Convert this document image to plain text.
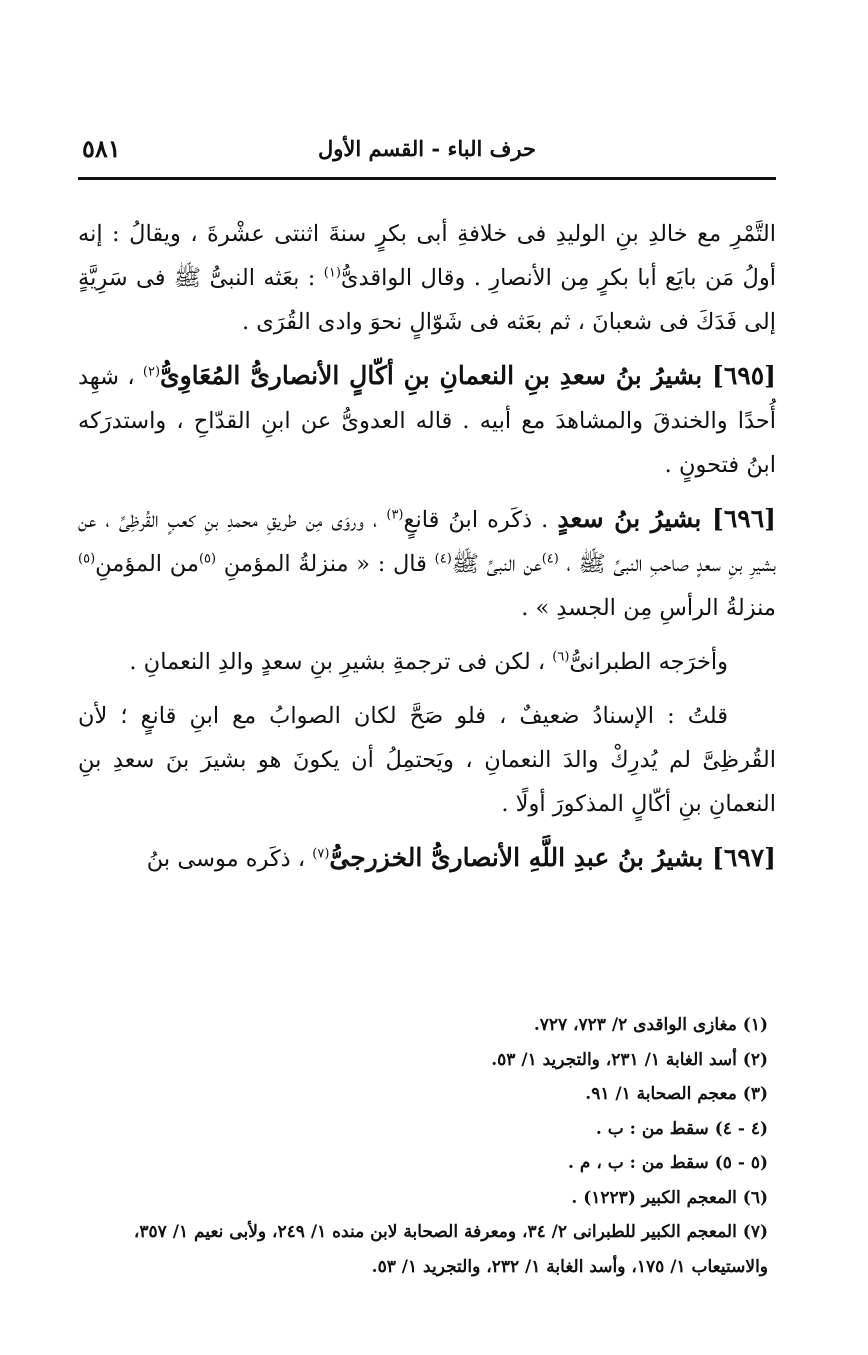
حرف الباء - القسم الأول
٥٨١

التَّمْرِ مع خالدِ بنِ الوليدِ فى خلافةِ أبى بكرٍ سنةَ اثنتى عشْرةَ ، ويقالُ : إنه أولُ مَن بايَع أبا بكرٍ مِن الأنصارِ . وقال الواقدىُّ$^{(١)}$ : بعَثه النبىُّ ﷺ فى سَرِيَّةٍ إلى فَدَكَ فى شعبانَ ، ثم بعَثه فى شَوّالٍ نحوَ وادى القُرَى .

[٦٩٥] بشيرُ بنُ سعدِ بنِ النعمانِ بنِ أكّالٍ الأنصارىُّ المُعَاوِىُّ$^{(٢)}$ ، شهِد أُحدًا والخندقَ والمشاهدَ مع أبيه . قاله العدوىُّ عن ابنِ القدّاحِ ، واستدرَكه ابنُ فتحونٍ .

[٦٩٦] بشيرُ بنُ سعدٍ . ذكَره ابنُ قانعٍ$^{(٣)}$ ، وروَى مِن طريقِ محمدِ بنِ كعبٍ القُرظِىِّ ، عن بشيرِ بنِ سعدٍ صاحبِ النبىِّ ﷺ ، $^{(٤)}$عن النبىِّ ﷺ$^{(٤)}$ قال : « منزلةُ المؤمنِ $^{(٥)}$من المؤمنِ$^{(٥)}$ منزلةُ الرأسِ مِن الجسدِ » .

وأخرَجه الطبرانىُّ$^{(٦)}$ ، لكن فى ترجمةِ بشيرِ بنِ سعدٍ والدِ النعمانِ .

قلتُ : الإسنادُ ضعيفٌ ، فلو صَحَّ لكان الصوابُ مع ابنِ قانعٍ ؛ لأن القُرظِىَّ لم يُدرِكْ والدَ النعمانِ ، ويَحتمِلُ أن يكونَ هو بشيرَ بنَ سعدِ بنِ النعمانِ بنِ أكّالٍ المذكورَ أولًا .

[٦٩٧] بشيرُ بنُ عبدِ اللَّهِ الأنصارىُّ الخزرجىُّ$^{(٧)}$ ، ذكَره موسى بنُ

(١) مغازى الواقدى ٢/ ٧٢٣، ٧٢٧.

(٢) أسد الغابة ١/ ٢٣١، والتجريد ١/ ٥٣.

(٣) معجم الصحابة ١/ ٩١.

(٤ - ٤) سقط من : ب .

(٥ - ٥) سقط من : ب ، م .

(٦) المعجم الكبير (١٢٢٣) .

(٧) المعجم الكبير للطبرانى ٢/ ٣٤، ومعرفة الصحابة لابن منده ١/ ٢٤٩، ولأبى نعيم ١/ ٣٥٧، والاستيعاب ١/ ١٧٥، وأسد الغابة ١/ ٢٣٢، والتجريد ١/ ٥٣.
